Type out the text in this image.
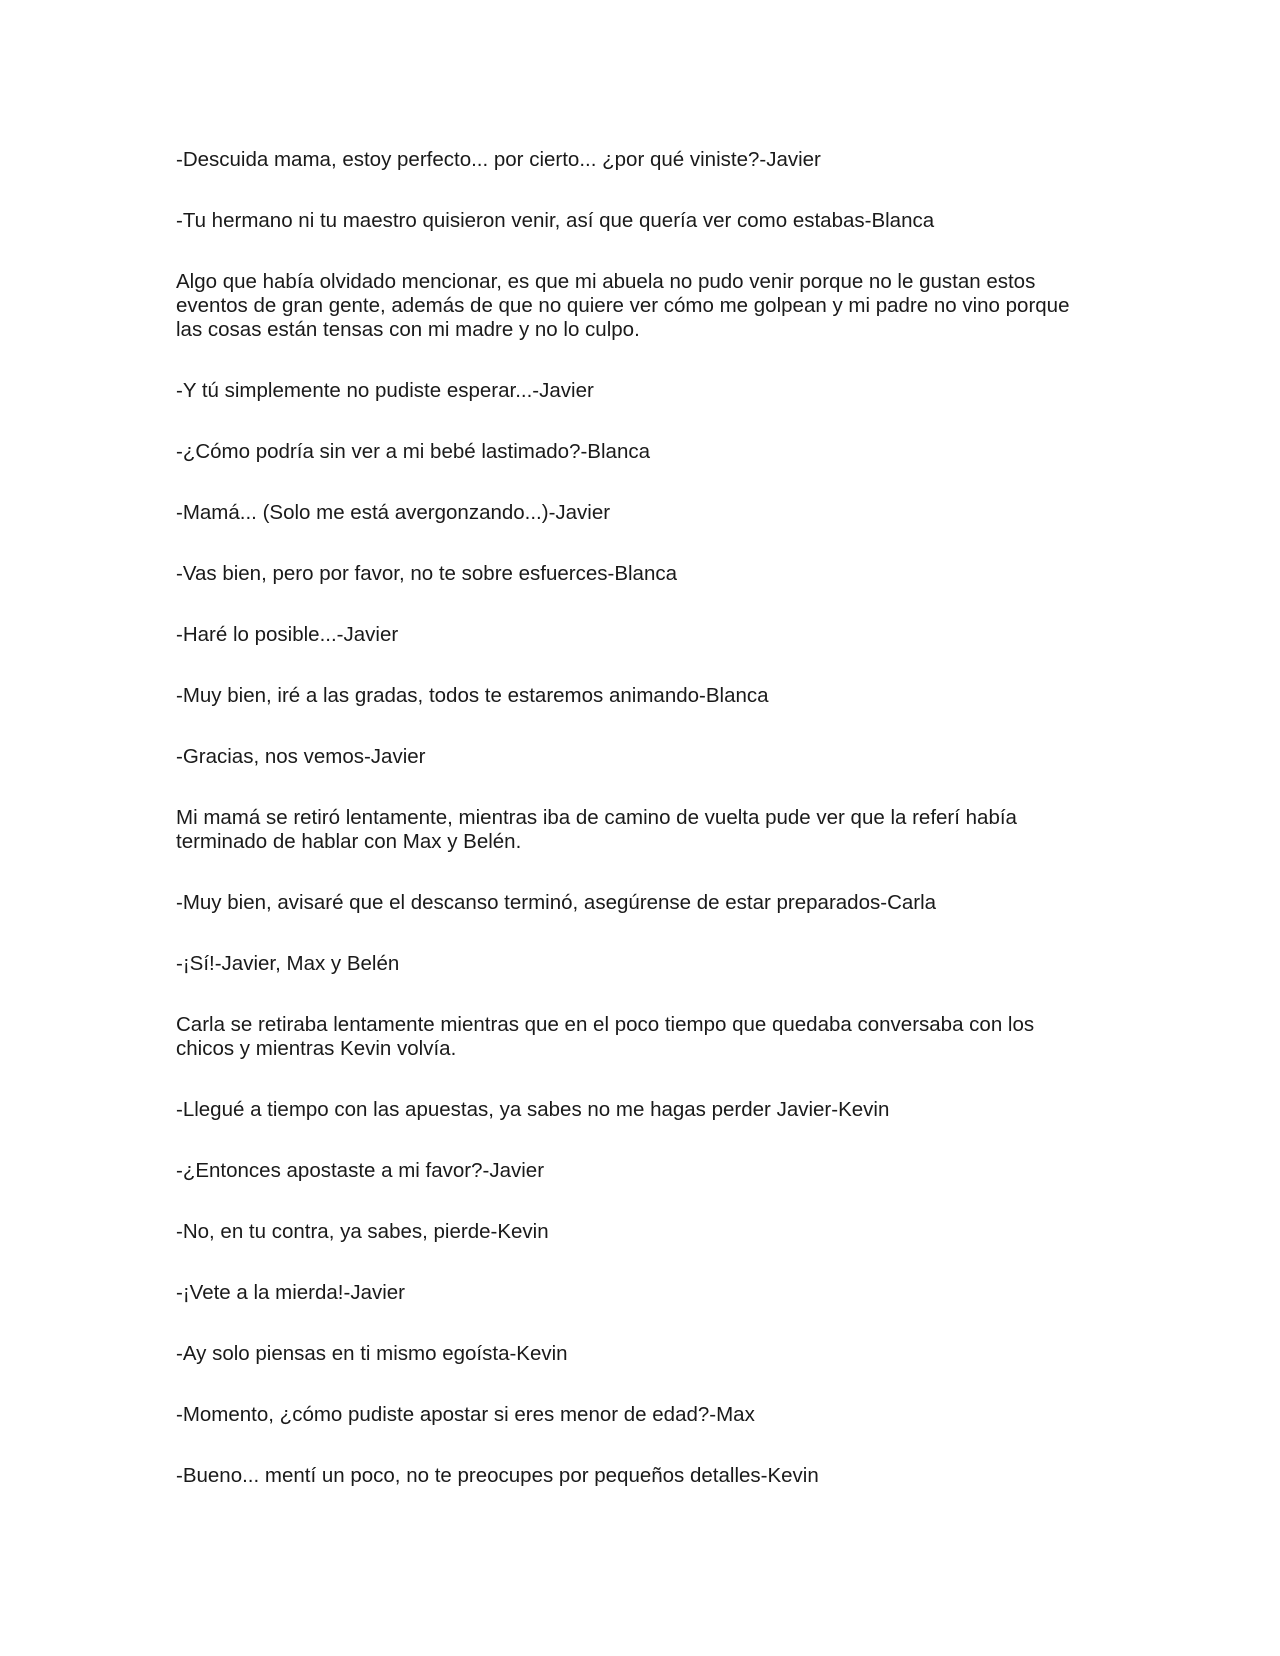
-Descuida mama, estoy perfecto... por cierto... ¿por qué viniste?-Javier

-Tu hermano ni tu maestro quisieron venir, así que quería ver como estabas-Blanca

Algo que había olvidado mencionar, es que mi abuela no pudo venir porque no le gustan estos eventos de gran gente, además de que no quiere ver cómo me golpean y mi padre no vino porque las cosas están tensas con mi madre y no lo culpo.

-Y tú simplemente no pudiste esperar...-Javier

-¿Cómo podría sin ver a mi bebé lastimado?-Blanca

-Mamá... (Solo me está avergonzando...)-Javier

-Vas bien, pero por favor, no te sobre esfuerces-Blanca

-Haré lo posible...-Javier

-Muy bien, iré a las gradas, todos te estaremos animando-Blanca

-Gracias, nos vemos-Javier

Mi mamá se retiró lentamente, mientras iba de camino de vuelta pude ver que la referí había terminado de hablar con Max y Belén.

-Muy bien, avisaré que el descanso terminó, asegúrense de estar preparados-Carla

-¡Sí!-Javier, Max y Belén

Carla se retiraba lentamente mientras que en el poco tiempo que quedaba conversaba con los chicos y mientras Kevin volvía.

-Llegué a tiempo con las apuestas, ya sabes no me hagas perder Javier-Kevin

-¿Entonces apostaste a mi favor?-Javier

-No, en tu contra, ya sabes, pierde-Kevin

-¡Vete a la mierda!-Javier

-Ay solo piensas en ti mismo egoísta-Kevin

-Momento, ¿cómo pudiste apostar si eres menor de edad?-Max

-Bueno... mentí un poco, no te preocupes por pequeños detalles-Kevin
